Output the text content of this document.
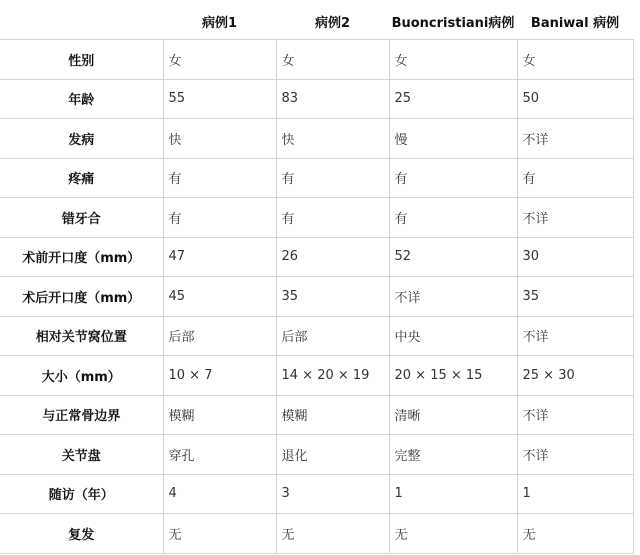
	病例1	病例2	Buoncristiani病例	Baniwal 病例
性别	女	女	女	女
年龄	55	83	25	50
发病	快	快	慢	不详
疼痛	有	有	有	有
错牙合	有	有	有	不详
术前开口度（mm）	47	26	52	30
术后开口度（mm）	45	35	不详	35
相对关节窝位置	后部	后部	中央	不详
大小（mm）	10 × 7	14 × 20 × 19	20 × 15 × 15	25 × 30
与正常骨边界	模糊	模糊	清晰	不详
关节盘	穿孔	退化	完整	不详
随访（年）	4	3	1	1
复发	无	无	无	无
